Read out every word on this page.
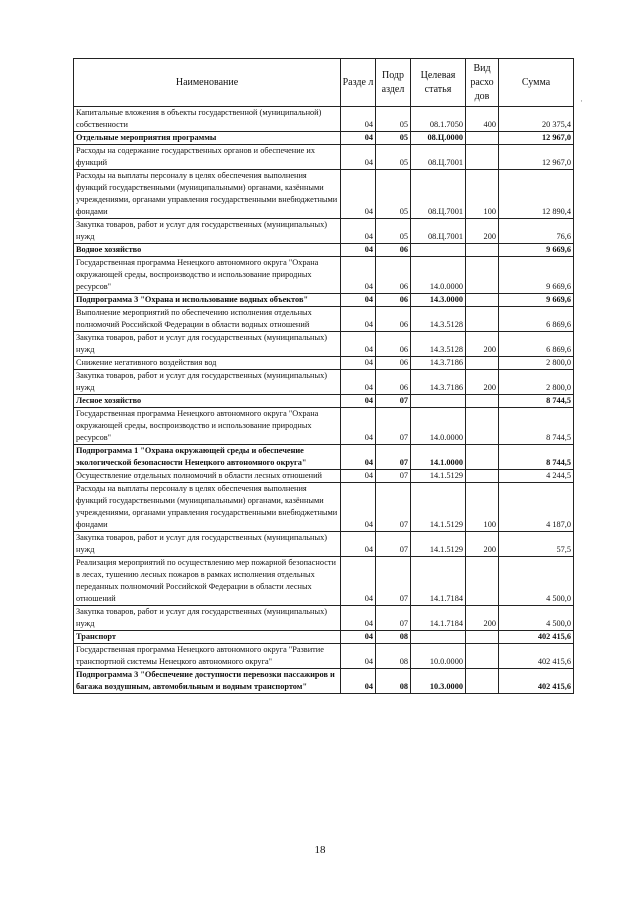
Наименование	Разде л	Подр аздел	Целевая статья	Вид расхо дов	Сумма
Капитальные вложения в объекты государственной (муниципальной) собственности	04	05	08.1.7050	400	20 375,4
Отдельные мероприятия программы	04	05	08.Ц.0000		12 967,0
Расходы на содержание государственных органов и обеспечение их функций	04	05	08.Ц.7001		12 967,0
Расходы на выплаты персоналу в целях обеспечения выполнения функций государственными (муниципальными) органами, казёнными учреждениями, органами управления государственными внебюджетными фондами	04	05	08.Ц.7001	100	12 890,4
Закупка товаров, работ и услуг для государственных (муниципальных) нужд	04	05	08.Ц.7001	200	76,6
Водное хозяйство	04	06			9 669,6
Государственная программа Ненецкого автономного округа "Охрана окружающей среды, воспроизводство и использование природных ресурсов"	04	06	14.0.0000		9 669,6
Подпрограмма 3 "Охрана и использование водных объектов"	04	06	14.3.0000		9 669,6
Выполнение мероприятий по обеспечению исполнения отдельных полномочий Российской Федерации в области водных отношений	04	06	14.3.5128		6 869,6
Закупка товаров, работ и услуг для государственных (муниципальных) нужд	04	06	14.3.5128	200	6 869,6
Снижение негативного воздействия вод	04	06	14.3.7186		2 800,0
Закупка товаров, работ и услуг для государственных (муниципальных) нужд	04	06	14.3.7186	200	2 800,0
Лесное хозяйство	04	07			8 744,5
Государственная программа Ненецкого автономного округа "Охрана окружающей среды, воспроизводство и использование природных ресурсов"	04	07	14.0.0000		8 744,5
Подпрограмма 1 "Охрана окружающей среды и обеспечение экологической безопасности Ненецкого автономного округа"	04	07	14.1.0000		8 744,5
Осуществление отдельных полномочий в области лесных отношений	04	07	14.1.5129		4 244,5
Расходы на выплаты персоналу в целях обеспечения выполнения функций государственными (муниципальными) органами, казёнными учреждениями, органами управления государственными внебюджетными фондами	04	07	14.1.5129	100	4 187,0
Закупка товаров, работ и услуг для государственных (муниципальных) нужд	04	07	14.1.5129	200	57,5
Реализация мероприятий по осуществлению мер пожарной безопасности в лесах, тушению лесных пожаров в рамках исполнения отдельных переданных полномочий Российской Федерации в области лесных отношений	04	07	14.1.7184		4 500,0
Закупка товаров, работ и услуг для государственных (муниципальных) нужд	04	07	14.1.7184	200	4 500,0
Транспорт	04	08			402 415,6
Государственная программа Ненецкого автономного округа "Развитие транспортной системы Ненецкого автономного округа"	04	08	10.0.0000		402 415,6
Подпрограмма 3 "Обеспечение доступности перевозки пассажиров и багажа воздушным, автомобильным и водным транспортом"	04	08	10.3.0000		402 415,6
18
·
